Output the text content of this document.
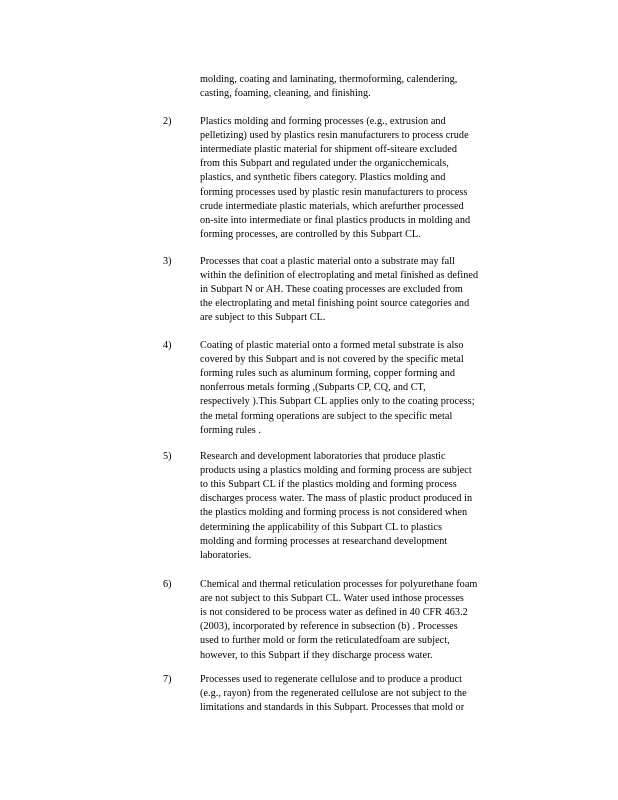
molding, coating and laminating, thermoforming, calendering,
casting, foaming, cleaning, and finishing.
2)	Plastics molding and forming processes (e.g., extrusion and
pelletizing) used by plastics resin manufacturers to process crude
intermediate plastic material for shipment off-siteare excluded
from this Subpart and regulated under the organicchemicals,
plastics, and synthetic fibers category. Plastics molding and
forming processes used by plastic resin manufacturers to process
crude intermediate plastic materials, which arefurther processed
on-site into intermediate or final plastics products in molding and
forming processes, are controlled by this Subpart CL.
3)	Processes that coat a plastic material onto a substrate may fall
within the definition of electroplating and metal finished as defined
in Subpart N or AH. These coating processes are excluded from
the electroplating and metal finishing point source categories and
are subject to this Subpart CL.
4)	Coating of plastic material onto a formed metal substrate is also
covered by this Subpart and is not covered by the specific metal
forming rules such as aluminum forming, copper forming and
nonferrous metals forming ,(Subparts CP, CQ, and CT,
respectively ).This Subpart CL applies only to the coating process;
the metal forming operations are subject to the specific metal
forming rules .
5)	Research and development laboratories that produce plastic
products using a plastics molding and forming process are subject
to this Subpart CL if the plastics molding and forming process
discharges process water. The mass of plastic product produced in
the plastics molding and forming process is not considered when
determining the applicability of this Subpart CL to plastics
molding and forming processes at researchand development
laboratories.
6)	Chemical and thermal reticulation processes for polyurethane foam
are not subject to this Subpart CL. Water used inthose processes
is not considered to be process water as defined in 40 CFR 463.2
(2003), incorporated by reference in subsection (b) . Processes
used to further mold or form the reticulatedfoam are subject,
however, to this Subpart if they discharge process water.
7)	Processes used to regenerate cellulose and to produce a product
(e.g., rayon) from the regenerated cellulose are not subject to the
limitations and standards in this Subpart. Processes that mold or
